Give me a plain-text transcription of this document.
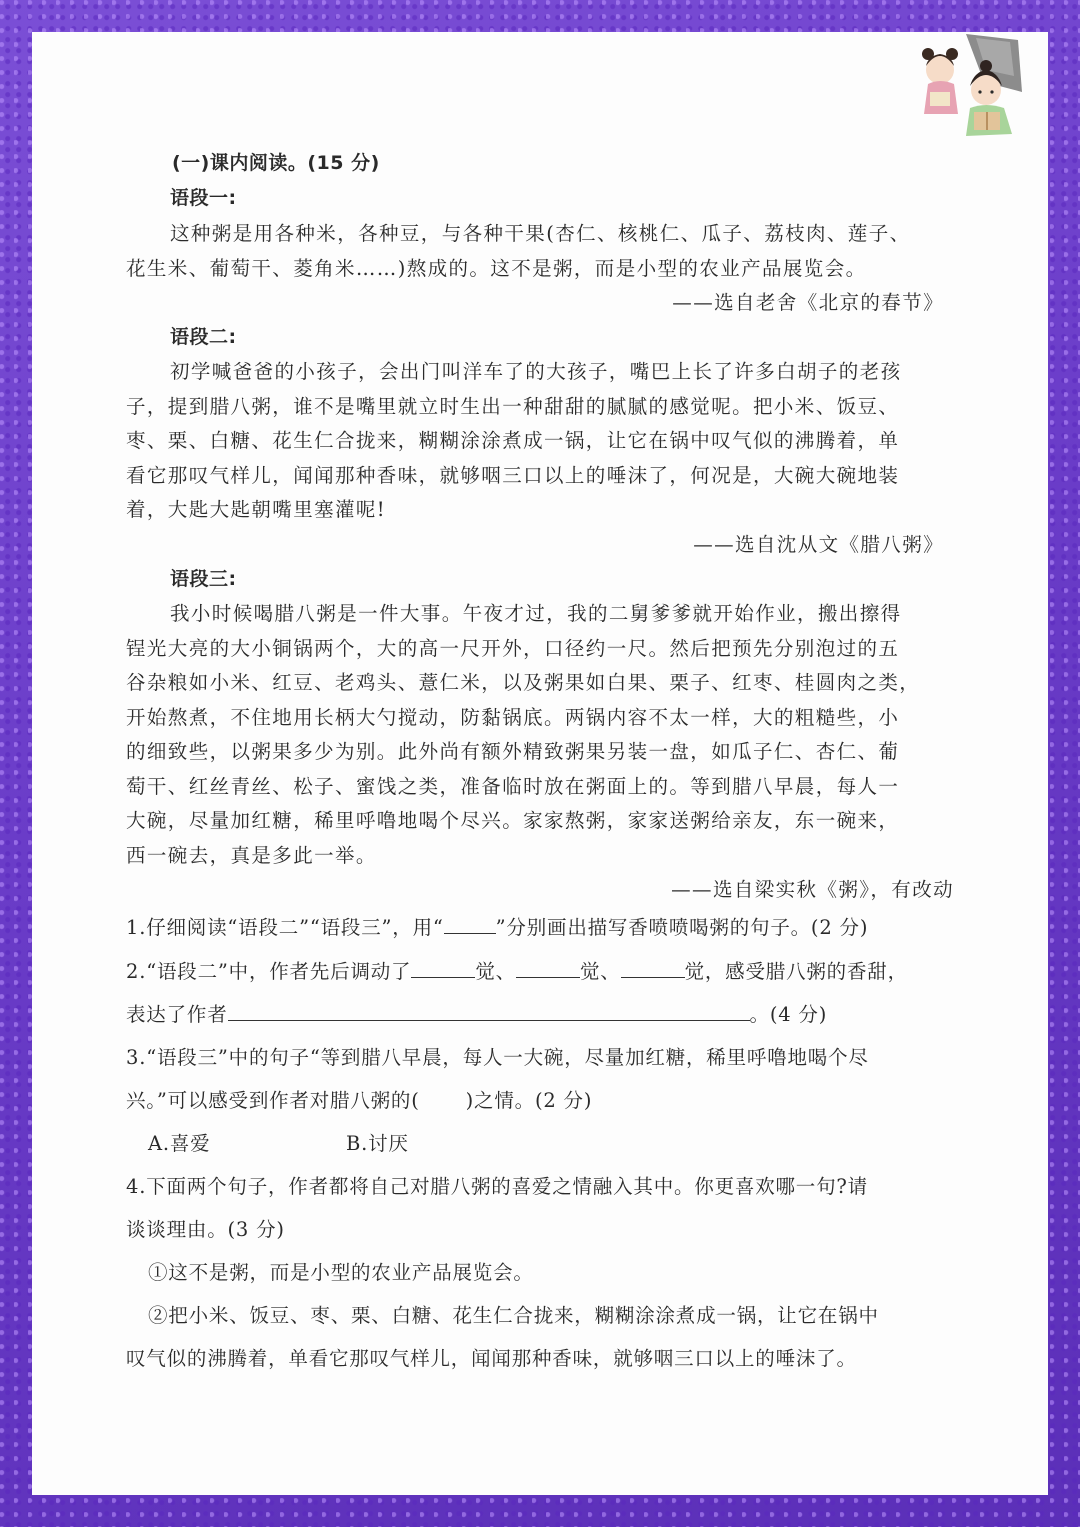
(一)课内阅读。(15 分)
语段一:
这种粥是用各种米，各种豆，与各种干果(杏仁、核桃仁、瓜子、荔枝肉、莲子、
花生米、葡萄干、菱角米……)熬成的。这不是粥，而是小型的农业产品展览会。
——选自老舍《北京的春节》
语段二:
初学喊爸爸的小孩子，会出门叫洋车了的大孩子，嘴巴上长了许多白胡子的老孩
子，提到腊八粥，谁不是嘴里就立时生出一种甜甜的腻腻的感觉呢。把小米、饭豆、
枣、栗、白糖、花生仁合拢来，糊糊涂涂煮成一锅，让它在锅中叹气似的沸腾着，单
看它那叹气样儿，闻闻那种香味，就够咽三口以上的唾沫了，何况是，大碗大碗地装
着，大匙大匙朝嘴里塞灌呢!
——选自沈从文《腊八粥》
语段三:
我小时候喝腊八粥是一件大事。午夜才过，我的二舅爹爹就开始作业，搬出擦得
锃光大亮的大小铜锅两个，大的高一尺开外，口径约一尺。然后把预先分别泡过的五
谷杂粮如小米、红豆、老鸡头、薏仁米，以及粥果如白果、栗子、红枣、桂圆肉之类，
开始熬煮，不住地用长柄大勺搅动，防黏锅底。两锅内容不太一样，大的粗糙些，小
的细致些，以粥果多少为别。此外尚有额外精致粥果另装一盘，如瓜子仁、杏仁、葡
萄干、红丝青丝、松子、蜜饯之类，准备临时放在粥面上的。等到腊八早晨，每人一
大碗，尽量加红糖，稀里呼噜地喝个尽兴。家家熬粥，家家送粥给亲友，东一碗来，
西一碗去，真是多此一举。
——选自梁实秋《粥》，有改动
1.仔细阅读“语段二”“语段三”，用“	”分别画出描写香喷喷喝粥的句子。(2 分)
2.“语段二”中，作者先后调动了	觉、	觉、	觉，感受腊八粥的香甜，
表达了作者	。(4 分)
3.“语段三”中的句子“等到腊八早晨，每人一大碗，尽量加红糖，稀里呼噜地喝个尽
兴。”可以感受到作者对腊八粥的( )之情。(2 分)
A.喜爱	B.讨厌
4.下面两个句子，作者都将自己对腊八粥的喜爱之情融入其中。你更喜欢哪一句?请
谈谈理由。(3 分)
①这不是粥，而是小型的农业产品展览会。
②把小米、饭豆、枣、栗、白糖、花生仁合拢来，糊糊涂涂煮成一锅，让它在锅中
叹气似的沸腾着，单看它那叹气样儿，闻闻那种香味，就够咽三口以上的唾沫了。
